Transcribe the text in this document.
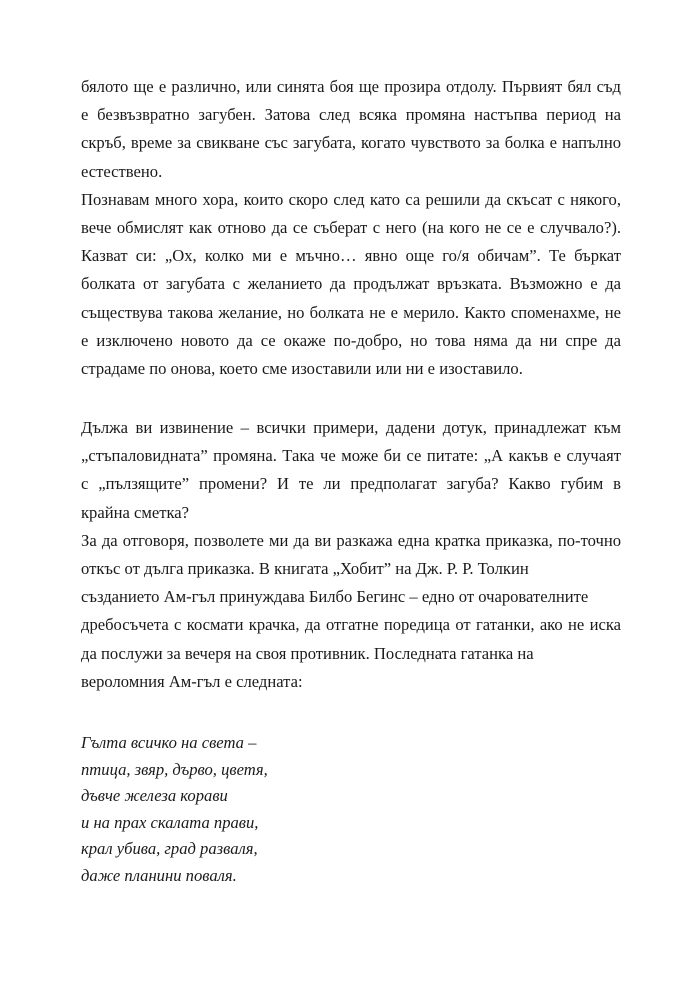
бялото ще е различно, или синята боя ще прозира отдолу. Първият бял съд
е безвъзвратно загубен. Затова след всяка промяна настъпва период на
скръб, време за свикване със загубата, когато чувството за болка е напълно
естествено.
Познавам много хора, които скоро след като са решили да скъсат с някого,
вече обмислят как отново да се съберат с него (на кого не се е случвало?).
Казват си: „Ох, колко ми е мъчно… явно още го/я обичам”. Те бъркат
болката от загубата с желанието да продължат връзката. Възможно е да
съществува такова желание, но болката не е мерило. Както споменахме, не
е изключено новото да се окаже по-добро, но това няма да ни спре да
страдаме по онова, което сме изоставили или ни е изоставило.
Дължа ви извинение – всички примери, дадени дотук, принадлежат към
„стъпаловидната” промяна. Така че може би се питате: „А какъв е случаят
с „пълзящите” промени? И те ли предполагат загуба? Какво губим в
крайна сметка?
За да отговоря, позволете ми да ви разкажа една кратка приказка, по-точно
откъс от дълга приказка. В книгата „Хобит” на Дж. Р. Р. Толкин
създанието Ам-гъл принуждава Билбо Бегинс – едно от очарователните
дребосъчета с космати крачка, да отгатне поредица от гатанки, ако не иска
да послужи за вечеря на своя противник. Последната гатанка на
вероломния Ам-гъл е следната:
Гълта всичко на света –
птица, звяр, дърво, цветя,
дъвче железа корави
и на прах скалата прави,
крал убива, град разваля,
даже планини поваля.
